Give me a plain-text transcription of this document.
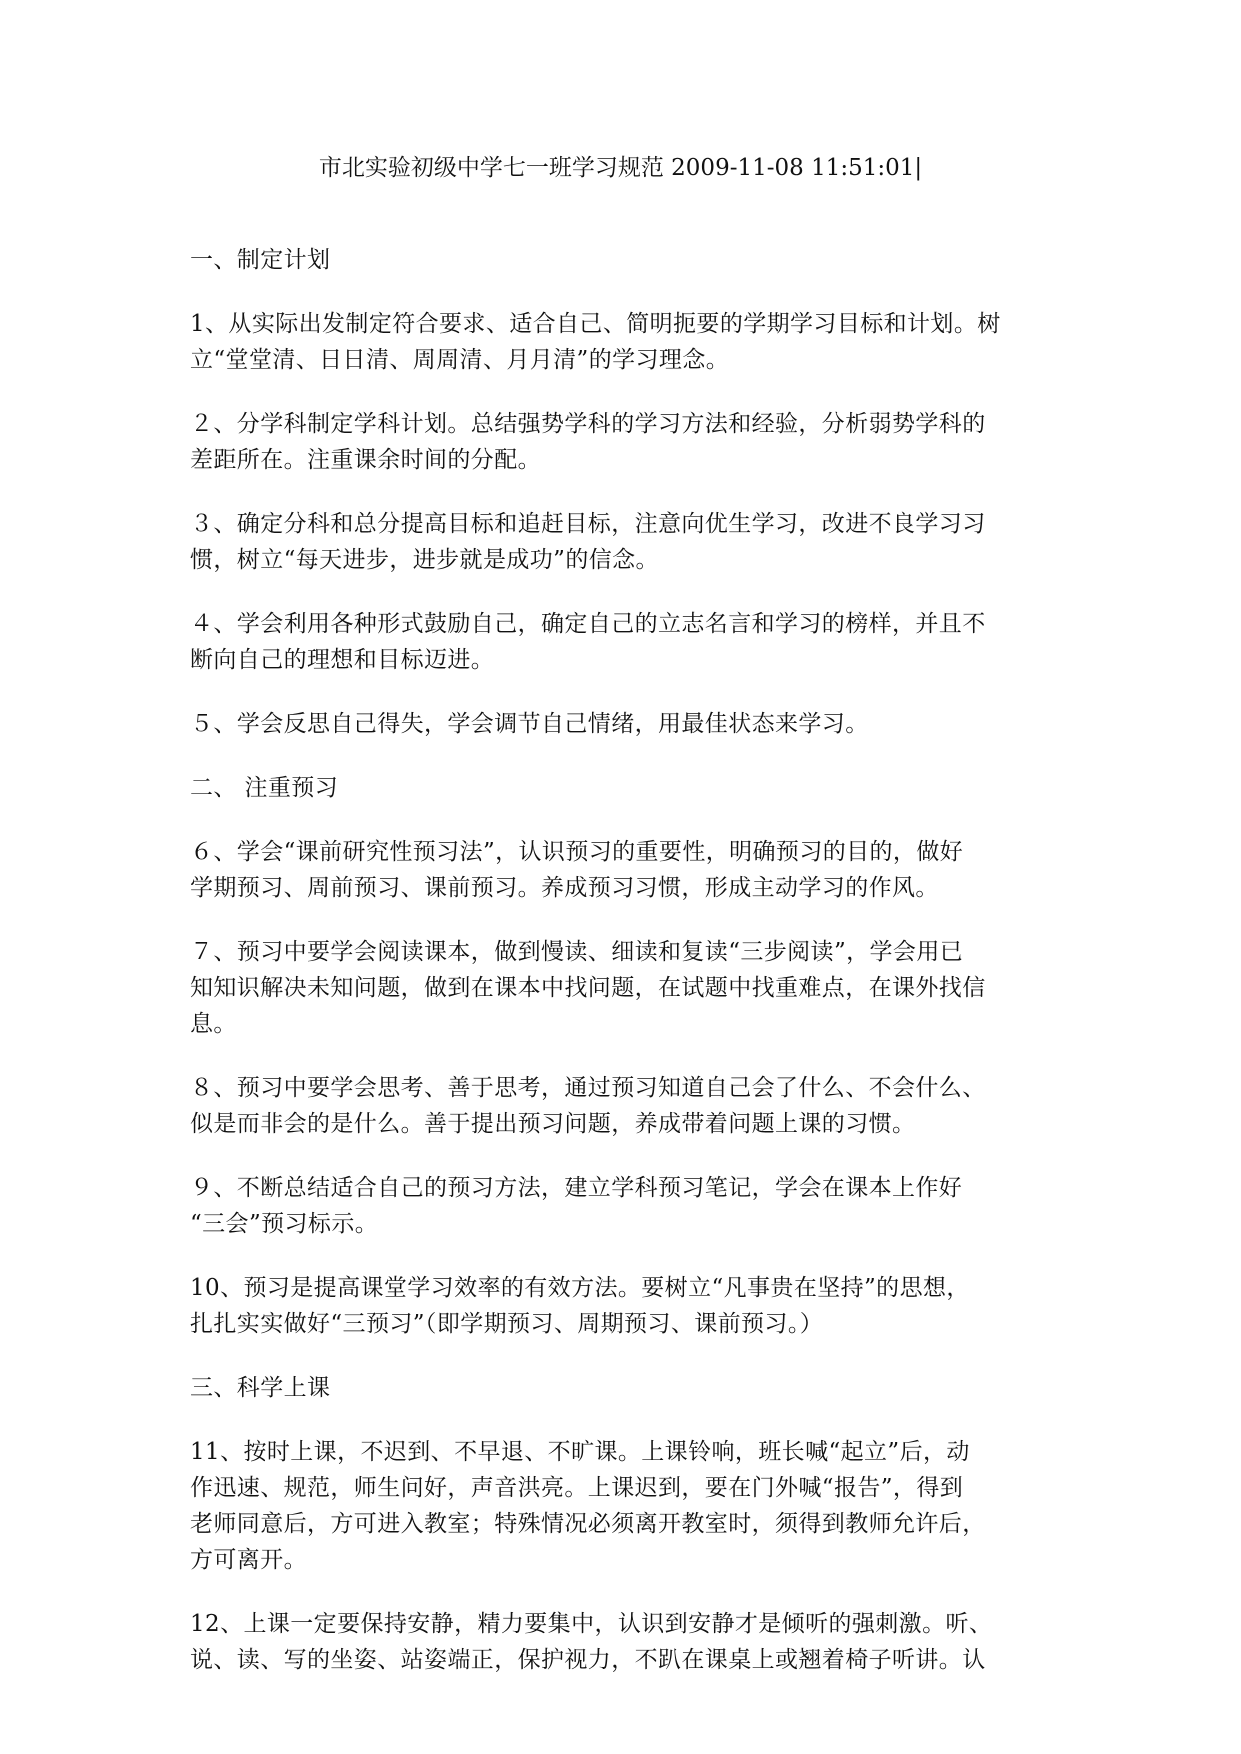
市北实验初级中学七一班学习规范 2009-11-08 11:51:01|
一、制定计划
1、从实际出发制定符合要求、适合自己、简明扼要的学期学习目标和计划。树
立“堂堂清、日日清、周周清、月月清”的学习理念。
２、分学科制定学科计划。总结强势学科的学习方法和经验，分析弱势学科的
差距所在。注重课余时间的分配。
３、确定分科和总分提高目标和追赶目标，注意向优生学习，改进不良学习习
惯，树立“每天进步，进步就是成功”的信念。
４、学会利用各种形式鼓励自己，确定自己的立志名言和学习的榜样，并且不
断向自己的理想和目标迈进。
５、学会反思自己得失，学会调节自己情绪，用最佳状态来学习。
二、 注重预习
６、学会“课前研究性预习法”，认识预习的重要性，明确预习的目的，做好
学期预习、周前预习、课前预习。养成预习习惯，形成主动学习的作风。
７、预习中要学会阅读课本，做到慢读、细读和复读“三步阅读”，学会用已
知知识解决未知问题，做到在课本中找问题，在试题中找重难点，在课外找信
息。
８、预习中要学会思考、善于思考，通过预习知道自己会了什么、不会什么、
似是而非会的是什么。善于提出预习问题，养成带着问题上课的习惯。
９、不断总结适合自己的预习方法，建立学科预习笔记，学会在课本上作好
“三会”预习标示。
10、预习是提高课堂学习效率的有效方法。要树立“凡事贵在坚持”的思想，
扎扎实实做好“三预习”（即学期预习、周期预习、课前预习。）
三、科学上课
11、按时上课，不迟到、不早退、不旷课。上课铃响，班长喊“起立”后，动
作迅速、规范，师生问好，声音洪亮。上课迟到，要在门外喊“报告”，得到
老师同意后，方可进入教室；特殊情况必须离开教室时，须得到教师允许后，
方可离开。
12、上课一定要保持安静，精力要集中，认识到安静才是倾听的强刺激。听、
说、读、写的坐姿、站姿端正，保护视力，不趴在课桌上或翘着椅子听讲。认
